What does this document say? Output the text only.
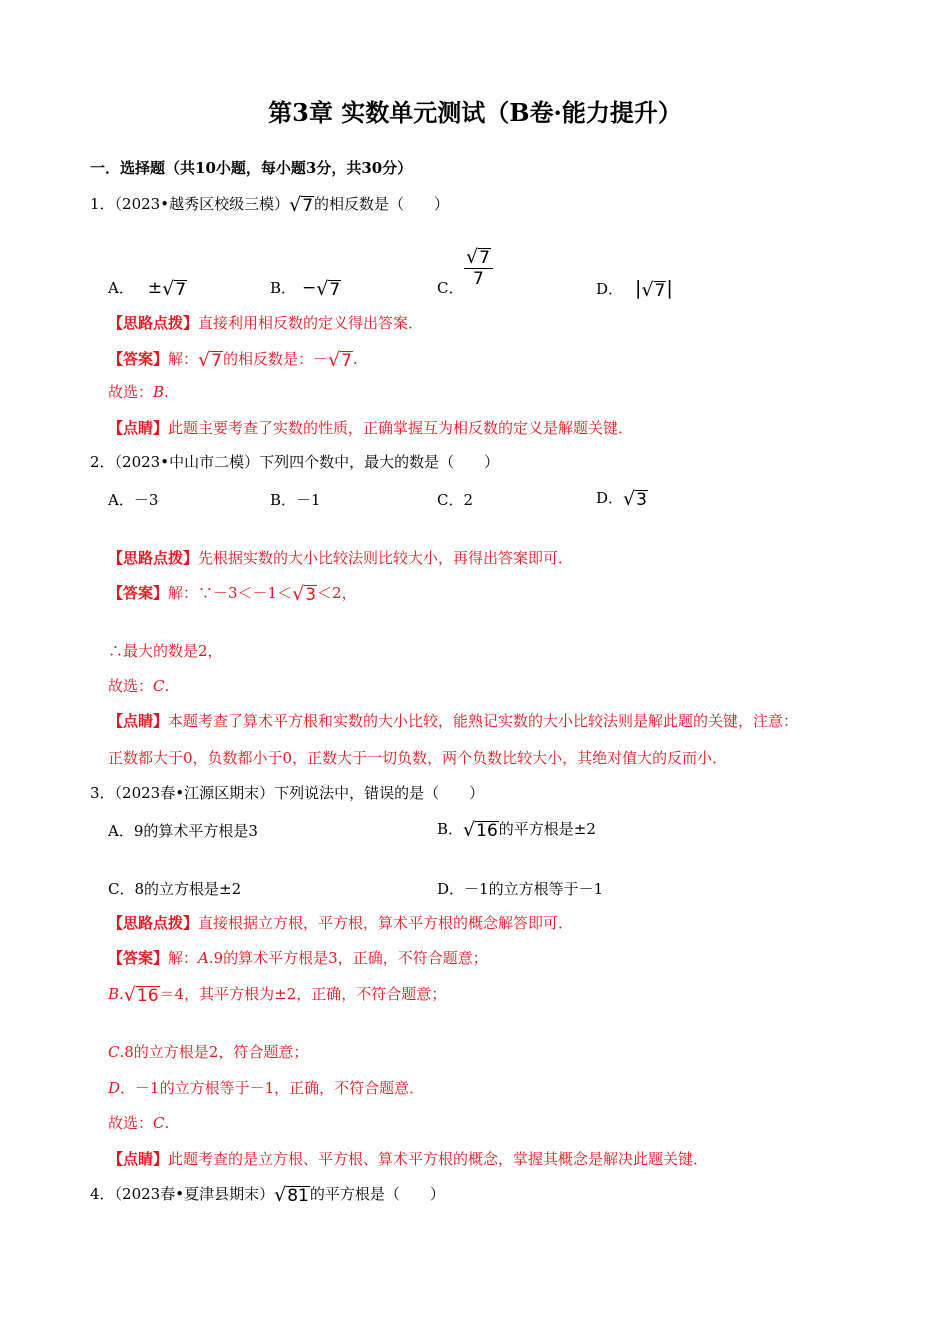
第3章 实数单元测试（B卷·能力提升）
一．选择题（共10小题，每小题3分，共30分）
1．（2023•越秀区校级三模） √ 7 的相反数是（　　）
A． ± √ 7	B． − √ 7	C． $\frac{√ 7}{7}$	D． | √ 7 |
【思路点拨】直接利用相反数的定义得出答案．
【答案】解： √ 7 的相反数是：－ √ 7 .
故选：B.
【点睛】此题主要考查了实数的性质，正确掌握互为相反数的定义是解题关键．
2．（2023•中山市二模）下列四个数中，最大的数是（　　）
A．－3	B．－1	C．2	D． √ 3
【思路点拨】先根据实数的大小比较法则比较大小，再得出答案即可．
【答案】解：∵－3＜－1＜ √ 3 ＜2，
∴最大的数是2，
故选：C.
【点睛】本题考查了算术平方根和实数的大小比较，能熟记实数的大小比较法则是解此题的关键，注意：
正数都大于0，负数都小于0，正数大于一切负数，两个负数比较大小，其绝对值大的反而小．
3．（2023春•江源区期末）下列说法中，错误的是（　　）
A．9的算术平方根是3	B． √ 16 的平方根是±2
C．8的立方根是±2	D．－1的立方根等于－1
【思路点拨】直接根据立方根，平方根，算术平方根的概念解答即可．
【答案】解：A.9的算术平方根是3，正确，不符合题意；
B. √ 16 ＝4，其平方根为±2，正确，不符合题意；
C.8的立方根是2，符合题意；
D．－1的立方根等于－1，正确，不符合题意．
故选：C.
【点睛】此题考查的是立方根、平方根、算术平方根的概念，掌握其概念是解决此题关键．
4．（2023春•夏津县期末） √ 81 的平方根是（　　）
